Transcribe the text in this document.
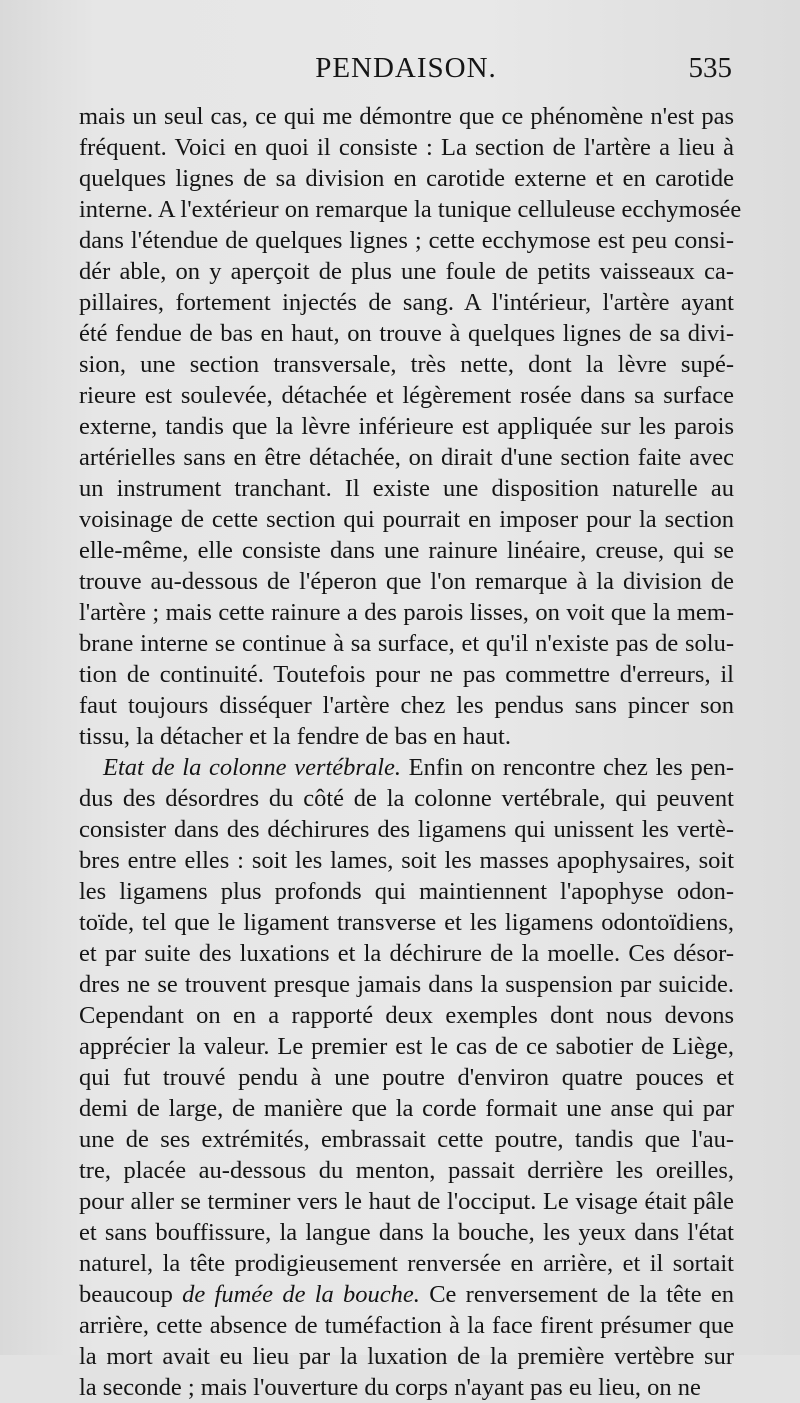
PENDAISON.	535
mais un seul cas, ce qui me démontre que ce phénomène n'est pas
fréquent. Voici en quoi il consiste : La section de l'artère a lieu à
quelques lignes de sa division en carotide externe et en carotide
interne. A l'extérieur on remarque la tunique celluleuse ecchymosée
dans l'étendue de quelques lignes ; cette ecchymose est peu consi-
dér able, on y aperçoit de plus une foule de petits vaisseaux ca-
pillaires, fortement injectés de sang. A l'intérieur, l'artère ayant
été fendue de bas en haut, on trouve à quelques lignes de sa divi-
sion, une section transversale, très nette, dont la lèvre supé-
rieure est soulevée, détachée et légèrement rosée dans sa surface
externe, tandis que la lèvre inférieure est appliquée sur les parois
artérielles sans en être détachée, on dirait d'une section faite avec
un instrument tranchant. Il existe une disposition naturelle au
voisinage de cette section qui pourrait en imposer pour la section
elle-même, elle consiste dans une rainure linéaire, creuse, qui se
trouve au-dessous de l'éperon que l'on remarque à la division de
l'artère ; mais cette rainure a des parois lisses, on voit que la mem-
brane interne se continue à sa surface, et qu'il n'existe pas de solu-
tion de continuité. Toutefois pour ne pas commettre d'erreurs, il
faut toujours disséquer l'artère chez les pendus sans pincer son
tissu, la détacher et la fendre de bas en haut.
Etat de la colonne vertébrale. Enfin on rencontre chez les pen-
dus des désordres du côté de la colonne vertébrale, qui peuvent
consister dans des déchirures des ligamens qui unissent les vertè-
bres entre elles : soit les lames, soit les masses apophysaires, soit
les ligamens plus profonds qui maintiennent l'apophyse odon-
toïde, tel que le ligament transverse et les ligamens odontoïdiens,
et par suite des luxations et la déchirure de la moelle. Ces désor-
dres ne se trouvent presque jamais dans la suspension par suicide.
Cependant on en a rapporté deux exemples dont nous devons
apprécier la valeur. Le premier est le cas de ce sabotier de Liège,
qui fut trouvé pendu à une poutre d'environ quatre pouces et
demi de large, de manière que la corde formait une anse qui par
une de ses extrémités, embrassait cette poutre, tandis que l'au-
tre, placée au-dessous du menton, passait derrière les oreilles,
pour aller se terminer vers le haut de l'occiput. Le visage était pâle
et sans bouffissure, la langue dans la bouche, les yeux dans l'état
naturel, la tête prodigieusement renversée en arrière, et il sortait
beaucoup de fumée de la bouche. Ce renversement de la tête en
arrière, cette absence de tuméfaction à la face firent présumer que
la mort avait eu lieu par la luxation de la première vertèbre sur
la seconde ; mais l'ouverture du corps n'ayant pas eu lieu, on ne
